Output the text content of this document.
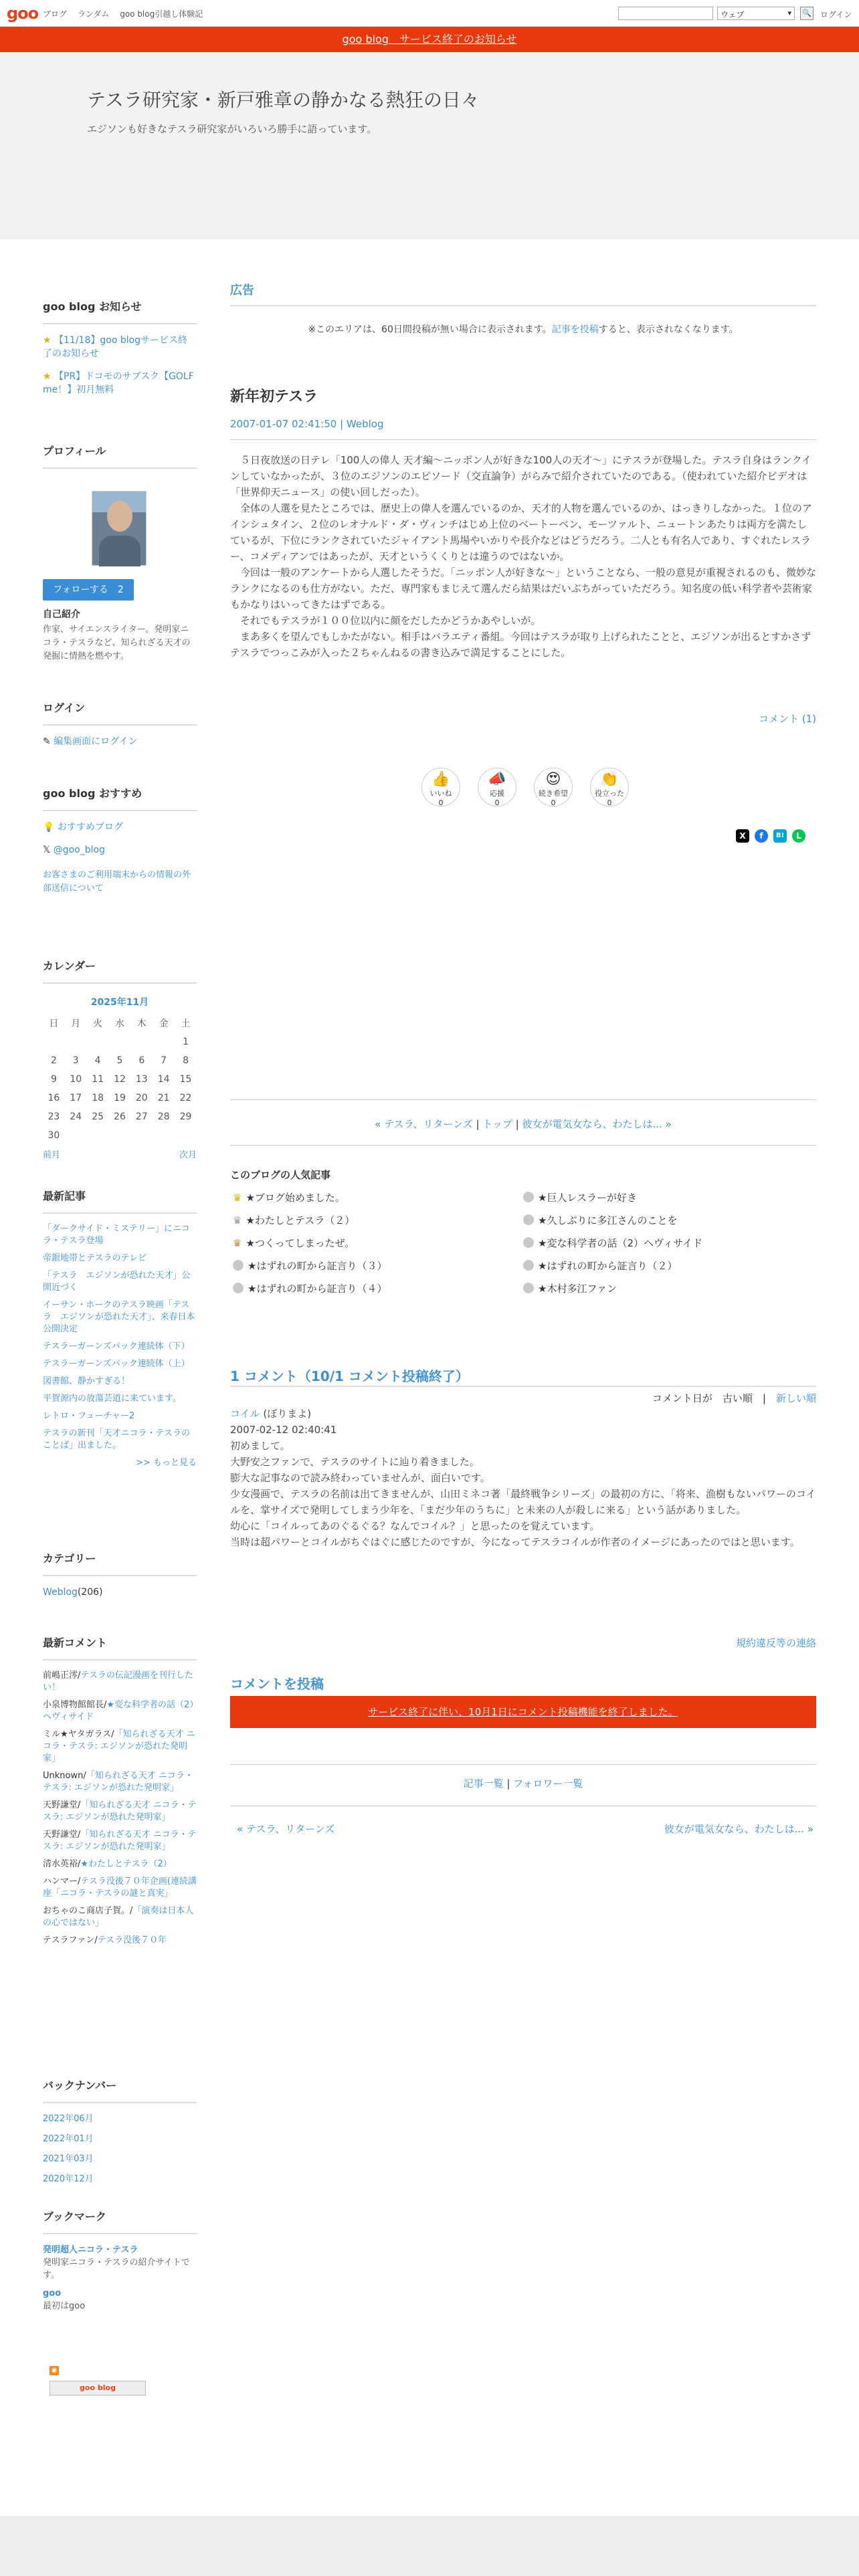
goo ブログ ランダム goo blog引越し体験記	ウェブ ▾	🔍 ログイン
goo blog　サービス終了のお知らせ
テスラ研究家・新戸雅章の静かなる熱狂の日々
エジソンも好きなテスラ研究家がいろいろ勝手に語っています。
goo blog お知らせ
★ 【11/18】goo blogサービス終了のお知らせ
★ 【PR】ドコモのサブスク【GOLF me！】初月無料
プロフィール
フォローする　 2
自己紹介
作家、サイエンスライター。発明家ニコラ・テスラなど、知られざる天才の発掘に情熱を燃やす。
ログイン
✎ 編集画面にログイン
goo blog おすすめ
💡 おすすめブログ
𝕏 @goo_blog
お客さまのご利用端末からの情報の外部送信について
カレンダー
2025年11月
日	月	火	水	木	金	土
						1
2	3	4	5	6	7	8
9	10	11	12	13	14	15
16	17	18	19	20	21	22
23	24	25	26	27	28	29
30						
前月	次月
最新記事
「ダークサイド・ミステリー」にニコラ・テスラ登場
帝銀地帯とテスラのテレビ
「テスラ　エジソンが恐れた天才」公開近づく
イーサン・ホークのテスラ映画「テスラ　エジソンが恐れた天才」、来春日本公開決定
テスラーガーンズパック連続体（下）
テスラーガーンズパック連続体（上）
図書館、静かすぎる！
平賀源内の放蕩芸道に来ています。
レトロ・フューチャー2
テスラの新刊「天才ニコラ・テスラのことば」出ました。
>> もっと見る
カテゴリー
Weblog(206)
最新コメント
前嶋正澪/テスラの伝記漫画を刊行したい！
小泉博物館館長/★変な科学者の話（2）ヘヴィサイド
ミル★ヤタガラス/「知られざる天才 ニコラ・テスラ: エジソンが恐れた発明家」
Unknown/「知られざる天才 ニコラ・テスラ: エジソンが恐れた発明家」
天野謙堂/「知られざる天才 ニコラ・テスラ: エジソンが恐れた発明家」
天野謙堂/「知られざる天才 ニコラ・テスラ: エジソンが恐れた発明家」
清水英裕/★わたしとテスラ（2）
ハンマー/テスラ没後７０年企画(連続講座「ニコラ・テスラの謎と真実」
おちゃのこ商店子賀。/「演奏は日本人の心ではない」
テスラファン/テスラ没後７０年
バックナンバー
2022年06月
2022年01月
2021年03月
2020年12月
ブックマーク
発明超人ニコラ・テスラ
発明家ニコラ・テスラの紹介サイトです。
goo
最初はgoo
◉
goo blog
広告
※このエリアは、60日間投稿が無い場合に表示されます。記事を投稿すると、表示されなくなります。
新年初テスラ
2007-01-07 02:41:50 | Weblog

　５日夜放送の日テレ「100人の偉人 天才編〜ニッポン人が好きな100人の天才〜」にテスラが登場した。テスラ自身はランクインしていなかったが、３位のエジソンのエピソード（交直論争）がらみで紹介されていたのである。（使われていた紹介ビデオは「世界仰天ニュース」の使い回しだった）。

　全体の人選を見たところでは、歴史上の偉人を選んでいるのか、天才的人物を選んでいるのか、はっきりしなかった。１位のアインシュタイン、２位のレオナルド・ダ・ヴィンチはじめ上位のベートーベン、モーツァルト、ニュートンあたりは両方を満たしているが、下位にランクされていたジャイアント馬場やいかりや長介などはどうだろう。二人とも有名人であり、すぐれたレスラー、コメディアンではあったが、天才というくくりとは違うのではないか。

　今回は一般のアンケートから人選したそうだ。「ニッポン人が好きな〜」ということなら、一般の意見が重視されるのも、微妙なランクになるのも仕方がない。ただ、専門家もまじえて選んだら結果はだいぶちがっていただろう。知名度の低い科学者や芸術家もかなりはいってきたはずである。

　それでもテスラが１００位以内に顔をだしたかどうかあやしいが。

　まあ多くを望んでもしかたがない。相手はバラエティ番組。今回はテスラが取り上げられたことと、エジソンが出るとすかさずテスラでつっこみが入った２ちゃんねるの書き込みで満足することにした。

コメント (1)
👍
いいね
0
📣
応援
0
😍
続き希望
0
👏
役立った
0
X	f	B!	L
« テスラ、リターンズ | トップ | 彼女が電気女なら、わたしは... »
このブログの人気記事
♛ ★ブログ始めました。
♛ ★わたしとテスラ（２）
♛ ★つくってしまったぜ。
★はずれの町から証言り（３）
★はずれの町から証言り（４）
★巨人レスラーが好き
★久しぶりに多江さんのことを
★変な科学者の話（2）ヘヴィサイド
★はずれの町から証言り（２）
★木村多江ファン
1 コメント（10/1 コメント投稿終了）
コメント日が　 古い順　|　新しい順
コイル (ぼりまよ)
2007-02-12 02:40:41
初めまして。
大野安之ファンで、テスラのサイトに辿り着きました。
膨大な記事なので読み終わっていませんが、面白いです。
少女漫画で、テスラの名前は出てきませんが、山田ミネコ著「最終戦争シリーズ」の最初の方に、「将来、漁樹もないパワーのコイルを、掌サイズで発明してしまう少年を、「まだ少年のうちに」と未来の人が殺しに来る」という話がありました。
幼心に「コイルってあのぐるぐる？なんでコイル？」と思ったのを覚えています。
当時は超パワーとコイルがちぐはぐに感じたのですが、今になってテスラコイルが作者のイメージにあったのではと思います。
規約違反等の連絡
コメントを投稿
サービス終了に伴い、10月1日にコメント投稿機能を終了しました。
記事一覧 | フォロワー一覧
« テスラ、リターンズ	彼女が電気女なら、わたしは... »
